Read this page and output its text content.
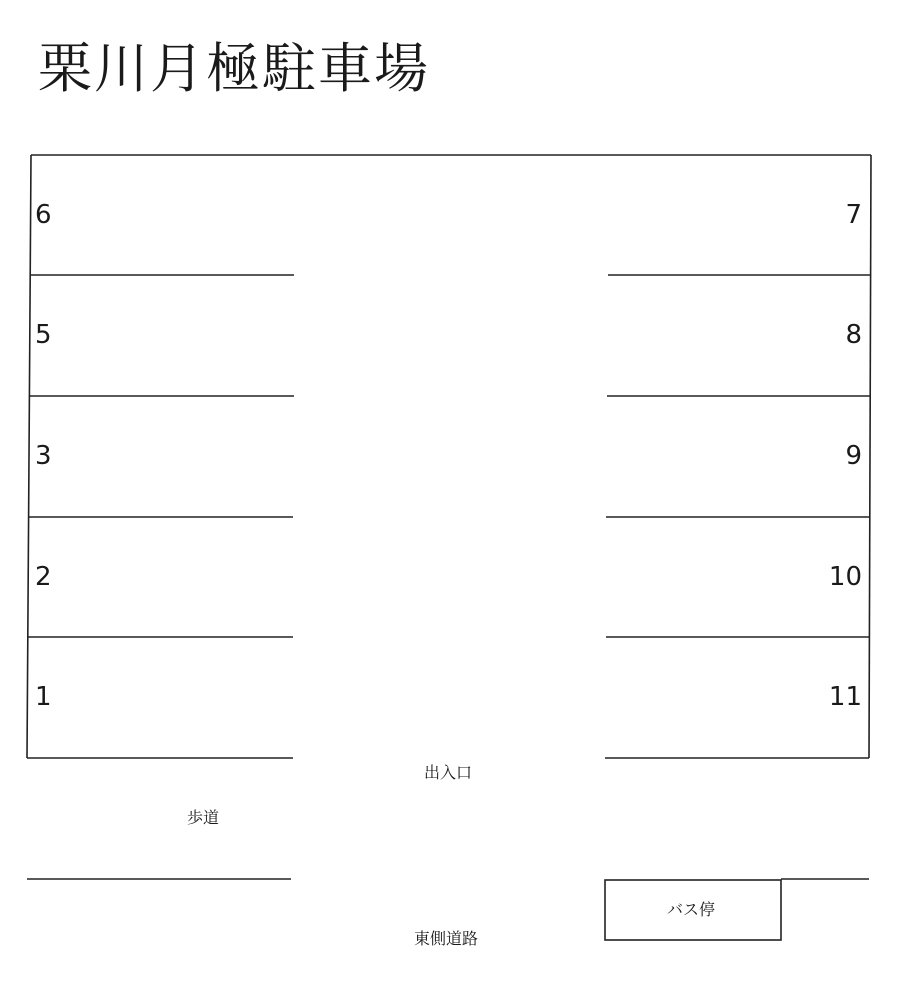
栗川月極駐車場
6
5
3
2
1
7
8
9
10
11
出入口
歩道
バス停
東側道路
